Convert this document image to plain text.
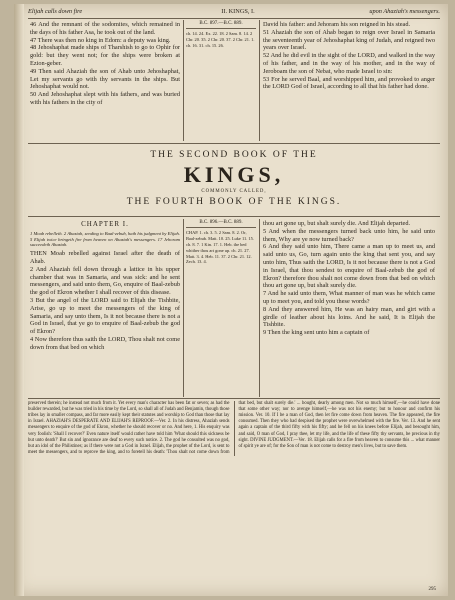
Elijah calls down fire	II. KINGS, I.	upon Ahaziah's messengers.

46 And the remnant of the sodomites, which remained in the days of his father Asa, he took out of the land.

47 There was then no king in Edom: a deputy was king.

48 Jehoshaphat made ships of Tharshish to go to Ophir for gold: but they went not; for the ships were broken at Ezion-geber.

49 Then said Ahaziah the son of Ahab unto Jehoshaphat, Let my servants go with thy servants in the ships. But Jehoshaphat would not.

50 And Jehoshaphat slept with his fathers, and was buried with his fathers in the city of

B.C. 897.—B.C. 889.
ch. 14. 24. Ex. 22. 18. 2 Sam. 8. 14. 2 Chr. 20. 35. 2 Chr. 20. 37. 2 Chr. 21. 1. ch. 16. 31. ch. 15. 26.

David his father: and Jehoram his son reigned in his stead.

51 Ahaziah the son of Ahab began to reign over Israel in Samaria the seventeenth year of Jehoshaphat king of Judah, and reigned two years over Israel.

52 And he did evil in the sight of the LORD, and walked in the way of his father, and in the way of his mother, and in the way of Jeroboam the son of Nebat, who made Israel to sin:

53 For he served Baal, and worshipped him, and provoked to anger the LORD God of Israel, according to all that his father had done.

THE SECOND BOOK OF THE
KINGS,
COMMONLY CALLED,
THE FOURTH BOOK OF THE KINGS.
CHAPTER I.

1 Moab rebelleth. 2 Ahaziah, sending to Baal-zebub, hath his judgment by Elijah. 5 Elijah twice bringeth fire from heaven on Ahaziah's messengers. 17 Jehoram succeedeth Ahaziah.

THEN Moab rebelled against Israel after the death of Ahab.

2 And Ahaziah fell down through a lattice in his upper chamber that was in Samaria, and was sick: and he sent messengers, and said unto them, Go, enquire of Baal-zebub the god of Ekron whether I shall recover of this disease.

3 But the angel of the LORD said to Elijah the Tishbite, Arise, go up to meet the messengers of the king of Samaria, and say unto them, Is it not because there is not a God in Israel, that ye go to enquire of Baal-zebub the god of Ekron?

4 Now therefore thus saith the LORD, Thou shalt not come down from that bed on which

B.C. 896.—B.C. 889.
CHAP. 1. ch. 3. 5. 2 Sam. 8. 2. Or, Baal-zebub. Matt. 10. 25. Luke 11. 15. ch. 8. 7. 1 Kin. 17. 1. Heb. the bed whither thou art gone up. ch. 21. 27. Matt. 3. 4. Heb. 11. 37. 2 Chr. 21. 12. Zech. 13. 4.

thou art gone up, but shalt surely die. And Elijah departed.

5 And when the messengers turned back unto him, he said unto them, Why are ye now turned back?

6 And they said unto him, There came a man up to meet us, and said unto us, Go, turn again unto the king that sent you, and say unto him, Thus saith the LORD, Is it not because there is not a God in Israel, that thou sendest to enquire of Baal-zebub the god of Ekron? therefore thou shalt not come down from that bed on which thou art gone up, but shalt surely die.

7 And he said unto them, What manner of man was he which came up to meet you, and told you these words?

8 And they answered him, He was an hairy man, and girt with a girdle of leather about his loins. And he said, It is Elijah the Tishbite.

9 Then the king sent unto him a captain of

preserved therein; he instead not much from it. Yet every man's character has been fat or seven; as had the builder rewarded, but he was tried in his time by the Lord, so shall all of Judah and Benjamin, though those tribes lay in smaller compass, and far more easily kept their statutes and worship to God than those that lay in Israel. AHAZIAH'S DESPERATE AND ELIJAH'S REPROOF.—Ver. 2. In his distress, Ahaziah sends messengers to enquire of the god of Ekron, whether he should recover or no. And here, 1. His enquiry was very foolish: 'Shall I recover?' Even nature itself would rather have told him 'What should this sickness be but unto death?' But sin and ignorance are deaf to every such notice. 2. The god he consulted was no god, but an idol of the Philistines; as if there were not a God in Israel. Elijah, the prophet of the Lord, is sent to meet the messengers, and to reprove the king, and to foretell his death: 'Thou shalt not come down from that bed, but shalt surely die.' ... bought, dearly among men. Not so much himself,—he could have done that some other way; nor to avenge himself,—he was not his enemy; but to honour and confirm his mission. Ver. 10. If I be a man of God, then let fire come down from heaven. The fire appeared, the fire consumed. Then they who had despised the prophet were overwhelmed with the fire. Ver. 13. And he sent again a captain of the third fifty with his fifty; and he fell on his knees before Elijah, and besought him, and said, O man of God, I pray thee, let my life, and the life of these fifty thy servants, be precious in thy sight. DIVINE JUDGMENT.—Ver. 18. Elijah calls for a fire from heaven to consume this ... what manner of spirit ye are of; for the Son of man is not come to destroy men's lives, but to save them.
295
